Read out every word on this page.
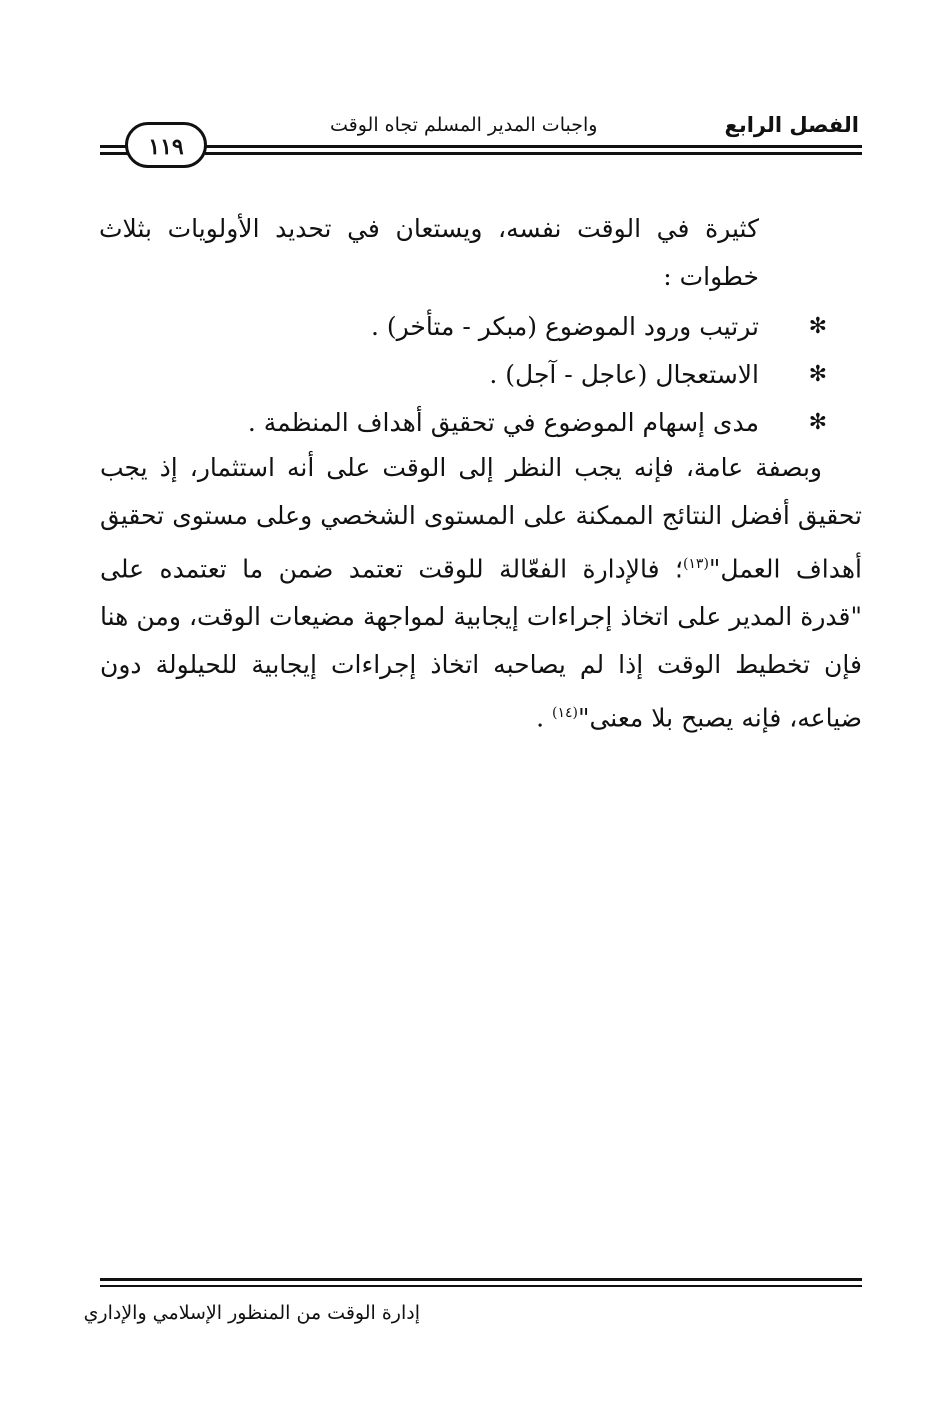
الفصل الرابع
واجبات المدير المسلم تجاه الوقت
١١٩
كثيرة في الوقت نفسه، ويستعان في تحديد الأولويات بثلاث
خطوات :
✻
ترتيب ورود الموضوع (مبكر - متأخر) .
✻
الاستعجال (عاجل - آجل) .
✻
مدى إسهام الموضوع في تحقيق أهداف المنظمة .
وبصفة عامة، فإنه يجب النظر إلى الوقت على أنه استثمار، إذ يجب تحقيق أفضل النتائج الممكنة على المستوى الشخصي وعلى مستوى تحقيق أهداف العمل"$^{(١٣)}$؛ فالإدارة الفعّالة للوقت تعتمد ضمن ما تعتمده على "قدرة المدير على اتخاذ إجراءات إيجابية لمواجهة مضيعات الوقت، ومن هنا فإن تخطيط الوقت إذا لم يصاحبه اتخاذ إجراءات إيجابية للحيلولة دون ضياعه، فإنه يصبح بلا معنى"$^{(١٤)}$ .
إدارة الوقت من المنظور الإسلامي والإداري
